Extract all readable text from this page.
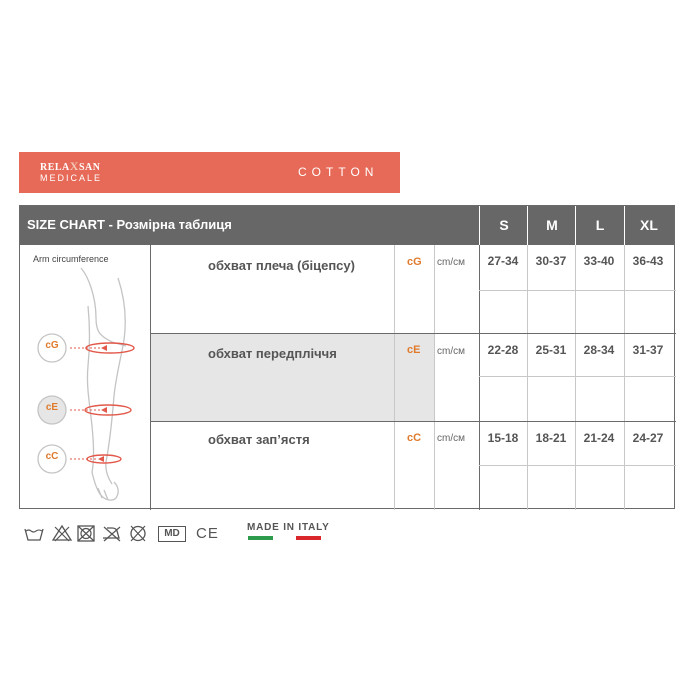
RELAXSAN
MEDICALE	COTTON
SIZE CHART - Розмірна таблиця	S	M	L	XL
Arm circumference
cG
cE
cC
обхват плеча (біцепсу)	cG cm/см	27-34	30-37	33-40	36-43
обхват передпліччя	cE cm/см	22-28	25-31	28-34	31-37
обхват зап’ястя	cC cm/см	15-18	18-21	21-24	24-27
MD	CE	MADE IN ITALY
